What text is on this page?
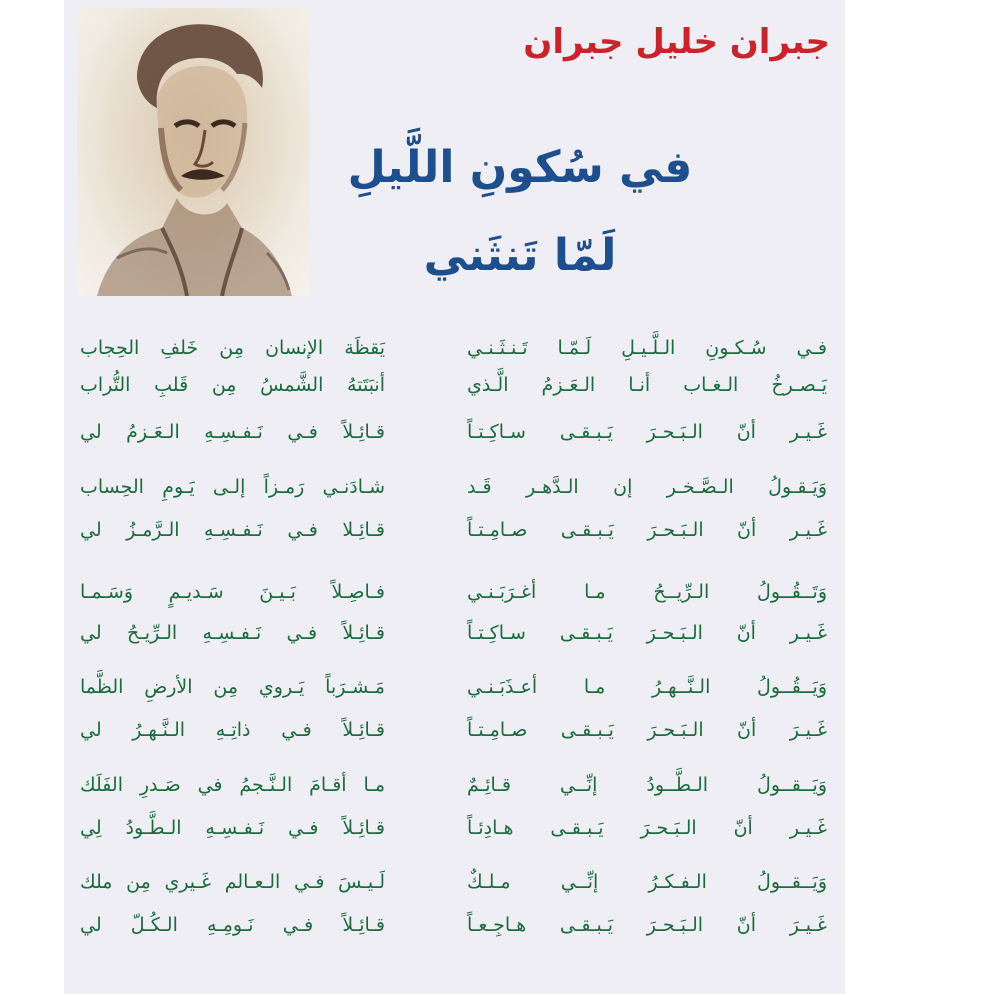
جبران خليل جبران
في سُكونِ اللَّيلِ
لَمّا تَنثَني
فـي سُـكـونِ الـلَّـيـلِ لَـمّـا تَـنـثَـنـي
يَـصـرخُ الـغـاب أنـا الـعَـزمُ الَّـذي
غَـيـر أنّ الـبَـحـرَ يَـبـقـى سـاكِـتـاً
وَيَـقـولُ الـصَّـخـر إن الـدَّهـر قَـد
غَـيـر أنّ الـبَـحـرَ يَـبـقـى صـامِـتـاً
وَتَــقُــولُ الـرِّيــحُ مـا أغـرَبَـنـي
غَـيـر أنّ الـبَـحـرَ يَـبـقـى سـاكِـتـاً
وَيَــقُــولُ الـنَّــهـرُ مـا أعـذَبَـنـي
غَـيـرَ أنّ الـبَـحـرَ يَـبـقـى صـامِـتـاً
وَيَــقــولُ الـطَّــودُ إنِّــي قـائِـمٌ
غَـيـر أنّ الـبَـحـرَ يَـبـقـى هـادِئـاً
وَيَــقــولُ الـفـكـرُ إنِّــي مـلـكٌ
غَـيـرَ أنّ الـبَـحـرَ يَـبـقـى هـاجِـعـاً
يَقظَة الإنسان مِن خَلفِ الحِجاب
أنبَتَتهُ الشَّمسُ مِن قَلبِ التُّراب
قـائِـلاً فـي نَـفـسِـهِ الـعَـزمُ لي
شـادَنـي رَمـزاً إلـى يَـومِ الحِساب
قـائِـلا فـي نَـفـسِـهِ الـرَّمـزُ لي
فـاصِـلاً بَـيـنَ سَـديـمٍ وَسَـمـا
قـائِـلاً فـي نَـفـسِـهِ الـرِّيـحُ لي
مَـشـرَباً يَـروي مِن الأرضِ الظَّما
قـائِـلاً فـي ذاتِـهِ الـنَّـهـرُ لي
مـا أقـامَ الـنَّـجمُ في صَـدرِ الفَلَك
قـائِـلاً فـي نَـفـسِـهِ الـطَّـودُ لِي
لَـيـسَ فـي الـعـالم غَـيري مِن ملك
قـائِـلاً فـي نَـومِـهِ الـكُـلّ لي
